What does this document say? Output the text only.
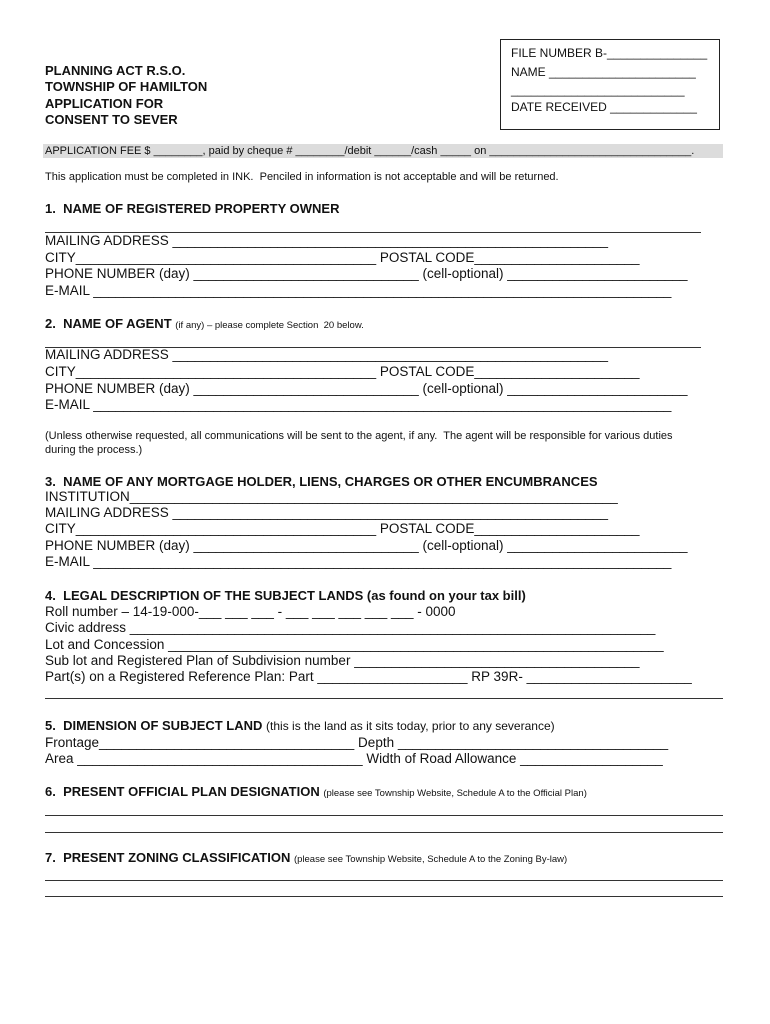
FILE NUMBER B-_______________
NAME ______________________
__________________________
DATE RECEIVED _____________
PLANNING ACT R.S.O.
TOWNSHIP OF HAMILTON
APPLICATION FOR
CONSENT TO SEVER
APPLICATION FEE $ ________, paid by cheque # ________/debit ______/cash _____ on _________________________________.
This application must be completed in INK.  Penciled in information is not acceptable and will be returned.
1.  NAME OF REGISTERED PROPERTY OWNER
MAILING ADDRESS __________________________________________________________
CITY________________________________________ POSTAL CODE______________________
PHONE NUMBER (day) ______________________________ (cell-optional) ________________________
E-MAIL _____________________________________________________________________________
2.  NAME OF AGENT (if any) – please complete Section  20 below.
MAILING ADDRESS __________________________________________________________
CITY________________________________________ POSTAL CODE______________________
PHONE NUMBER (day) ______________________________ (cell-optional) ________________________
E-MAIL _____________________________________________________________________________
(Unless otherwise requested, all communications will be sent to the agent, if any.  The agent will be responsible for various duties
during the process.)
3.  NAME OF ANY MORTGAGE HOLDER, LIENS, CHARGES OR OTHER ENCUMBRANCES
INSTITUTION_________________________________________________________________
MAILING ADDRESS __________________________________________________________
CITY________________________________________ POSTAL CODE______________________
PHONE NUMBER (day) ______________________________ (cell-optional) ________________________
E-MAIL _____________________________________________________________________________
4.  LEGAL DESCRIPTION OF THE SUBJECT LANDS (as found on your tax bill)
Roll number – 14-19-000-___ ___ ___ - ___ ___ ___ ___ ___ - 0000
Civic address ______________________________________________________________________
Lot and Concession __________________________________________________________________
Sub lot and Registered Plan of Subdivision number ______________________________________
Part(s) on a Registered Reference Plan: Part ____________________ RP 39R- ______________________
5.  DIMENSION OF SUBJECT LAND (this is the land as it sits today, prior to any severance)
Frontage__________________________________ Depth ____________________________________
Area ______________________________________ Width of Road Allowance ___________________
6.  PRESENT OFFICIAL PLAN DESIGNATION (please see Township Website, Schedule A to the Official Plan)
7.  PRESENT ZONING CLASSIFICATION (please see Township Website, Schedule A to the Zoning By-law)
